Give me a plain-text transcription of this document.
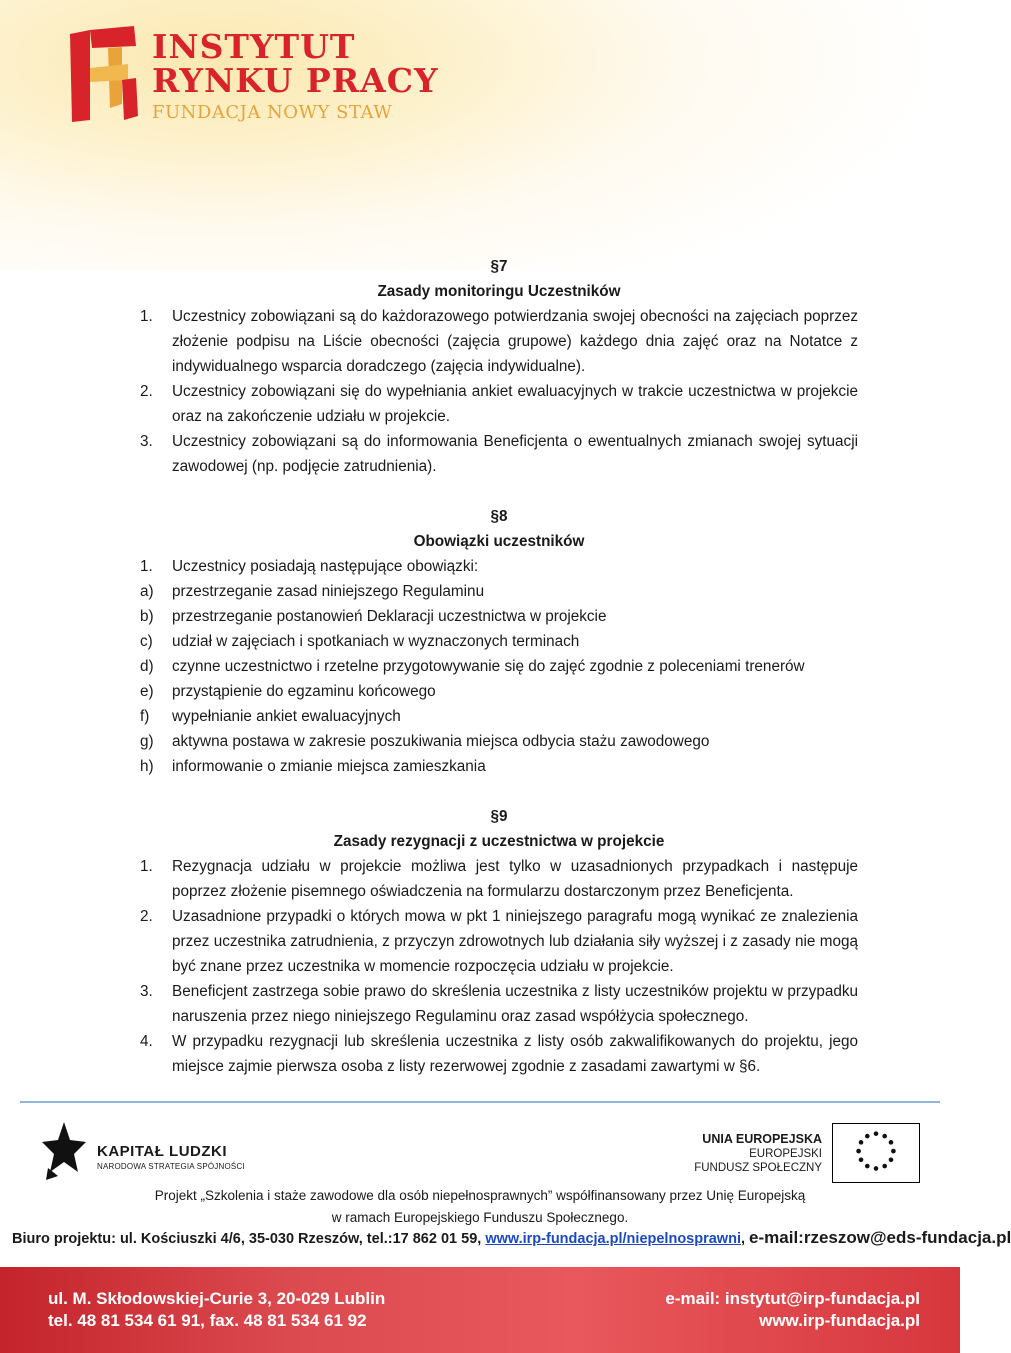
INSTYTUT
RYNKU PRACY
FUNDACJA NOWY STAW
§7
Zasady monitoringu Uczestników
1.	Uczestnicy zobowiązani są do każdorazowego potwierdzania swojej obecności na zajęciach poprzez złożenie podpisu na Liście obecności (zajęcia grupowe) każdego dnia zajęć oraz na Notatce z indywidualnego wsparcia doradczego (zajęcia indywidualne).
2.	Uczestnicy zobowiązani się do wypełniania ankiet ewaluacyjnych w trakcie uczestnictwa w projekcie oraz na zakończenie udziału w projekcie.
3.	Uczestnicy zobowiązani są do informowania Beneficjenta o ewentualnych zmianach swojej sytuacji zawodowej (np. podjęcie zatrudnienia).
§8
Obowiązki uczestników
1.	Uczestnicy posiadają następujące obowiązki:
a)	przestrzeganie zasad niniejszego Regulaminu
b)	przestrzeganie postanowień Deklaracji uczestnictwa w projekcie
c)	udział w zajęciach i spotkaniach w wyznaczonych terminach
d)	czynne uczestnictwo i rzetelne przygotowywanie się do zajęć zgodnie z poleceniami trenerów
e)	przystąpienie do egzaminu końcowego
f)	wypełnianie ankiet ewaluacyjnych
g)	aktywna postawa w zakresie poszukiwania miejsca odbycia stażu zawodowego
h)	informowanie o zmianie miejsca zamieszkania
§9
Zasady rezygnacji z uczestnictwa w projekcie
1.	Rezygnacja udziału w projekcie możliwa jest tylko w uzasadnionych przypadkach i następuje poprzez złożenie pisemnego oświadczenia na formularzu dostarczonym przez Beneficjenta.
2.	Uzasadnione przypadki o których mowa w pkt 1 niniejszego paragrafu mogą wynikać ze znalezienia przez uczestnika zatrudnienia, z przyczyn zdrowotnych lub działania siły wyższej i z zasady nie mogą być znane przez uczestnika w momencie rozpoczęcia udziału w projekcie.
3.	Beneficjent zastrzega sobie prawo do skreślenia uczestnika z listy uczestników projektu w przypadku naruszenia przez niego niniejszego Regulaminu oraz zasad współżycia społecznego.
4.	W przypadku rezygnacji lub skreślenia uczestnika z listy osób zakwalifikowanych do projektu, jego miejsce zajmie pierwsza osoba z listy rezerwowej zgodnie z zasadami zawartymi w §6.
KAPITAŁ LUDZKI
NARODOWA STRATEGIA SPÓJNOŚCI
UNIA EUROPEJSKA
EUROPEJSKI
FUNDUSZ SPOŁECZNY
Projekt „Szkolenia i staże zawodowe dla osób niepełnosprawnych” współfinansowany przez Unię Europejską
w ramach Europejskiego Funduszu Społecznego.
Biuro projektu: ul. Kościuszki 4/6, 35-030 Rzeszów, tel.:17 862 01 59, www.irp-fundacja.pl/niepelnosprawni, e-mail:rzeszow@eds-fundacja.pl
ul. M. Skłodowskiej-Curie 3, 20-029 Lublin
tel. 48 81 534 61 91, fax. 48 81 534 61 92
e-mail: instytut@irp-fundacja.pl
www.irp-fundacja.pl
